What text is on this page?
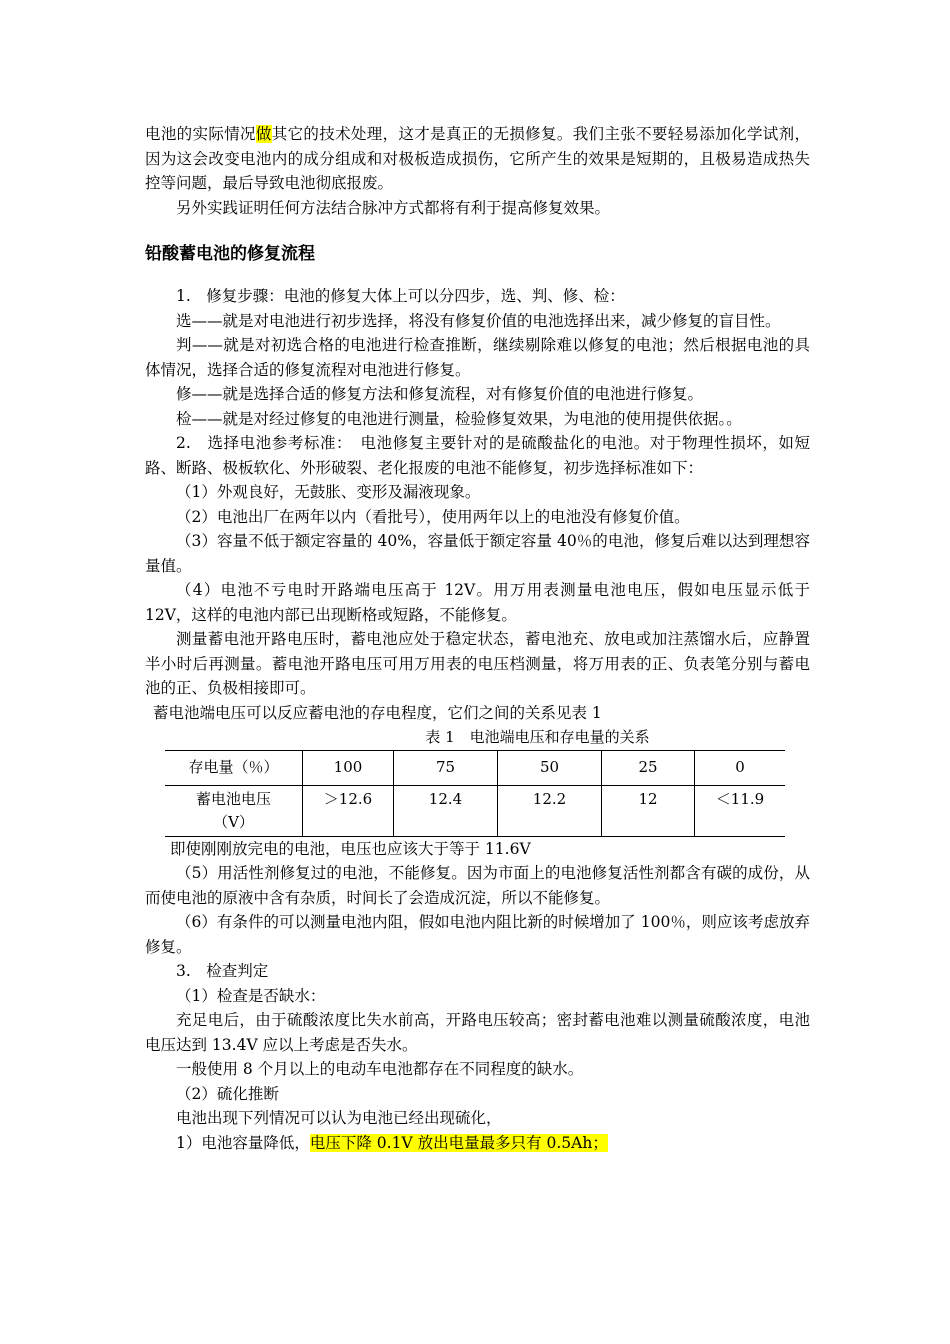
电池的实际情况做其它的技术处理，这才是真正的无损修复。我们主张不要轻易添加化学试剂，因为这会改变电池内的成分组成和对极板造成损伤，它所产生的效果是短期的，且极易造成热失控等问题，最后导致电池彻底报废。

另外实践证明任何方法结合脉冲方式都将有利于提高修复效果。

铅酸蓄电池的修复流程

1.　修复步骤：电池的修复大体上可以分四步，选、判、修、检：

选——就是对电池进行初步选择，将没有修复价值的电池选择出来，减少修复的盲目性。

判——就是对初选合格的电池进行检查推断，继续剔除难以修复的电池；然后根据电池的具体情况，选择合适的修复流程对电池进行修复。

修——就是选择合适的修复方法和修复流程，对有修复价值的电池进行修复。

检——就是对经过修复的电池进行测量，检验修复效果，为电池的使用提供依据。。

2.　选择电池参考标准：　电池修复主要针对的是硫酸盐化的电池。对于物理性损坏，如短路、断路、极板软化、外形破裂、老化报废的电池不能修复，初步选择标准如下：

（1）外观良好，无鼓胀、变形及漏液现象。

（2）电池出厂在两年以内（看批号），使用两年以上的电池没有修复价值。

（3）容量不低于额定容量的 40%，容量低于额定容量 40％的电池，修复后难以达到理想容量值。

（4）电池不亏电时开路端电压高于 12V。用万用表测量电池电压，假如电压显示低于 12V，这样的电池内部已出现断格或短路，不能修复。

测量蓄电池开路电压时，蓄电池应处于稳定状态，蓄电池充、放电或加注蒸馏水后，应静置半小时后再测量。蓄电池开路电压可用万用表的电压档测量，将万用表的正、负表笔分别与蓄电池的正、负极相接即可。

蓄电池端电压可以反应蓄电池的存电程度，它们之间的关系见表 1

表 1　电池端电压和存电量的关系

存电量（％）	100	75	50	25	0
蓄电池电压（V）	＞12.6	12.4	12.2	12	＜11.9

即使刚刚放完电的电池，电压也应该大于等于 11.6V

（5）用活性剂修复过的电池，不能修复。因为市面上的电池修复活性剂都含有碳的成份，从而使电池的原液中含有杂质，时间长了会造成沉淀，所以不能修复。

（6）有条件的可以测量电池内阻，假如电池内阻比新的时候增加了 100％，则应该考虑放弃修复。

3.　检查判定

（1）检查是否缺水：

充足电后，由于硫酸浓度比失水前高，开路电压较高；密封蓄电池难以测量硫酸浓度，电池电压达到 13.4V 应以上考虑是否失水。

一般使用 8 个月以上的电动车电池都存在不同程度的缺水。

（2）硫化推断

电池出现下列情况可以认为电池已经出现硫化，

1）电池容量降低，电压下降 0.1V 放出电量最多只有 0.5Ah；
